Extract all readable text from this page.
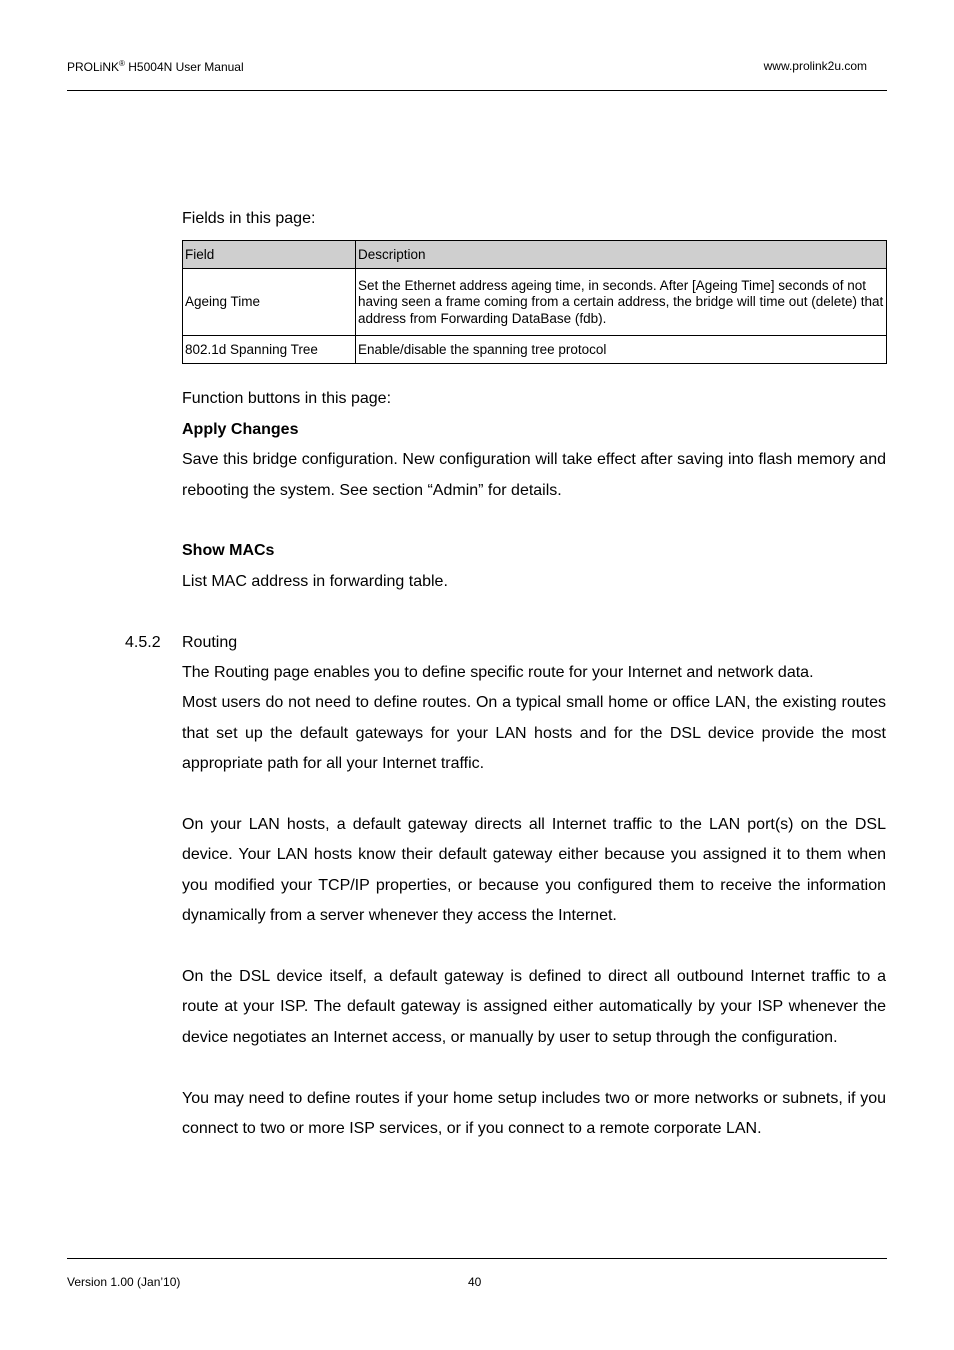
PROLiNK® H5004N User Manual	www.prolink2u.com

Fields in this page:

Field	Description
Ageing Time	Set the Ethernet address ageing time, in seconds. After [Ageing Time] seconds of not having seen a frame coming from a certain address, the bridge will time out (delete) that address from Forwarding DataBase (fdb).
802.1d Spanning Tree	Enable/disable the spanning tree protocol

Function buttons in this page:

Apply Changes

Save this bridge configuration. New configuration will take effect after saving into flash memory and rebooting the system. See section “Admin” for details.

Show MACs

List MAC address in forwarding table.

4.5.2 Routing

The Routing page enables you to define specific route for your Internet and network data.

Most users do not need to define routes. On a typical small home or office LAN, the existing routes that set up the default gateways for your LAN hosts and for the DSL device provide the most appropriate path for all your Internet traffic.

On your LAN hosts, a default gateway directs all Internet traffic to the LAN port(s) on the DSL device. Your LAN hosts know their default gateway either because you assigned it to them when you modified your TCP/IP properties, or because you configured them to receive the information dynamically from a server whenever they access the Internet.

On the DSL device itself, a default gateway is defined to direct all outbound Internet traffic to a route at your ISP. The default gateway is assigned either automatically by your ISP whenever the device negotiates an Internet access, or manually by user to setup through the configuration.

You may need to define routes if your home setup includes two or more networks or subnets, if you connect to two or more ISP services, or if you connect to a remote corporate LAN.

Version 1.00 (Jan’10)	40
